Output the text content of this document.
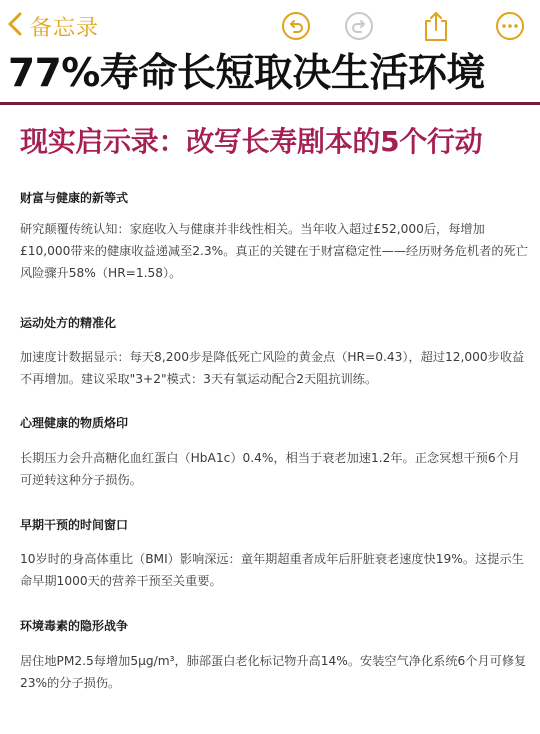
备忘录
77%寿命长短取决生活环境
现实启示录：改写长寿剧本的5个行动
财富与健康的新等式
研究颠覆传统认知：家庭收入与健康并非线性相关。当年收入超过£52,000后，每增加£10,000带来的健康收益递减至2.3%。真正的关键在于财富稳定性——经历财务危机者的死亡风险骤升58%（HR=1.58）。
运动处方的精准化
加速度计数据显示：每天8,200步是降低死亡风险的黄金点（HR=0.43），超过12,000步收益不再增加。建议采取"3+2"模式：3天有氧运动配合2天阻抗训练。
心理健康的物质烙印
长期压力会升高糖化血红蛋白（HbA1c）0.4%，相当于衰老加速1.2年。正念冥想干预6个月可逆转这种分子损伤。
早期干预的时间窗口
10岁时的身高体重比（BMI）影响深远：童年期超重者成年后肝脏衰老速度快19%。这提示生命早期1000天的营养干预至关重要。
环境毒素的隐形战争
居住地PM2.5每增加5μg/m³，肺部蛋白老化标记物升高14%。安装空气净化系统6个月可修复23%的分子损伤。
